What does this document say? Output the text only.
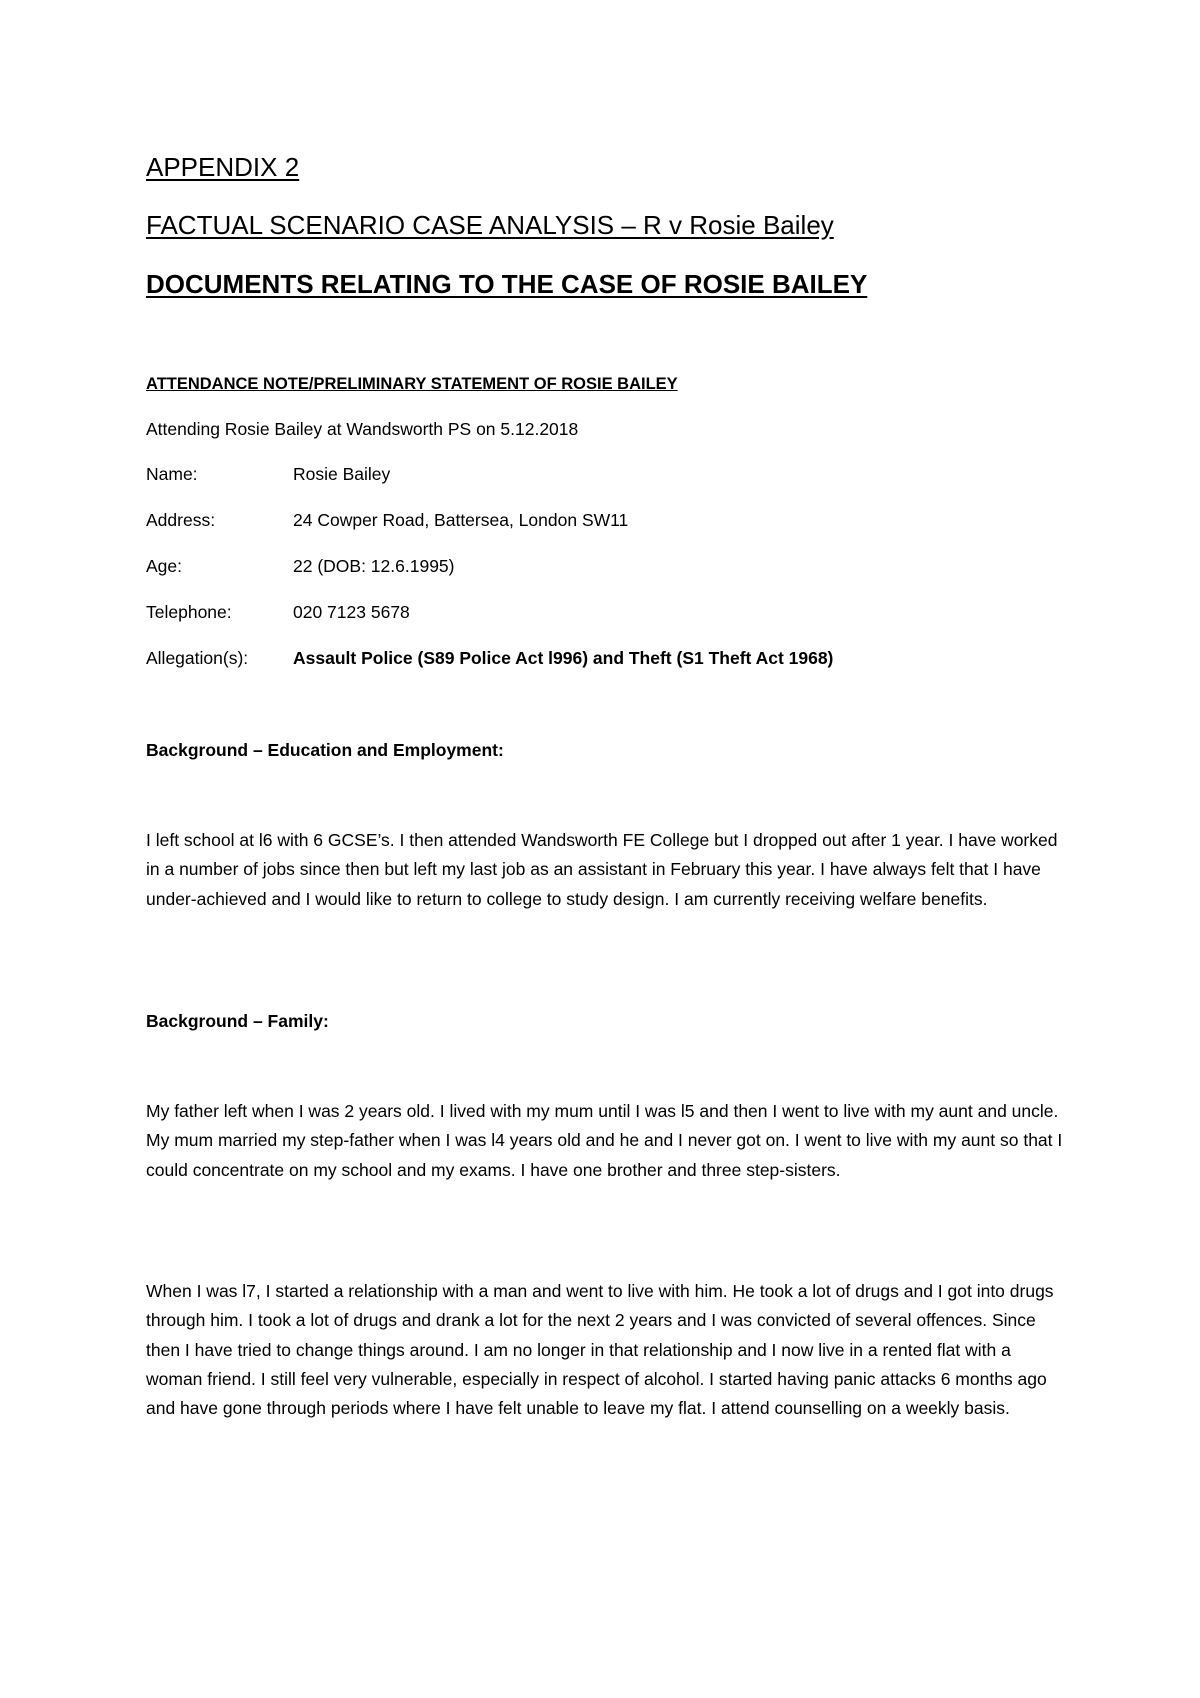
APPENDIX 2
FACTUAL SCENARIO CASE ANALYSIS – R v Rosie Bailey
DOCUMENTS RELATING TO THE CASE OF ROSIE BAILEY
ATTENDANCE NOTE/PRELIMINARY STATEMENT OF ROSIE BAILEY
Attending Rosie Bailey at Wandsworth PS on 5.12.2018
Name:	Rosie Bailey
Address:	24 Cowper Road, Battersea, London SW11
Age:	22 (DOB: 12.6.1995)
Telephone:	020 7123 5678
Allegation(s):	Assault Police (S89 Police Act l996) and Theft (S1 Theft Act 1968)
Background – Education and Employment:
I left school at l6 with 6 GCSE’s. I then attended Wandsworth FE College but I dropped out after 1 year. I have worked in a number of jobs since then but left my last job as an assistant in February this year. I have always felt that I have under-achieved and I would like to return to college to study design. I am currently receiving welfare benefits.
Background – Family:
My father left when I was 2 years old. I lived with my mum until I was l5 and then I went to live with my aunt and uncle. My mum married my step-father when I was l4 years old and he and I never got on. I went to live with my aunt so that I could concentrate on my school and my exams. I have one brother and three step-sisters.
When I was l7, I started a relationship with a man and went to live with him. He took a lot of drugs and I got into drugs through him. I took a lot of drugs and drank a lot for the next 2 years and I was convicted of several offences. Since then I have tried to change things around. I am no longer in that relationship and I now live in a rented flat with a woman friend. I still feel very vulnerable, especially in respect of alcohol. I started having panic attacks 6 months ago and have gone through periods where I have felt unable to leave my flat. I attend counselling on a weekly basis.
